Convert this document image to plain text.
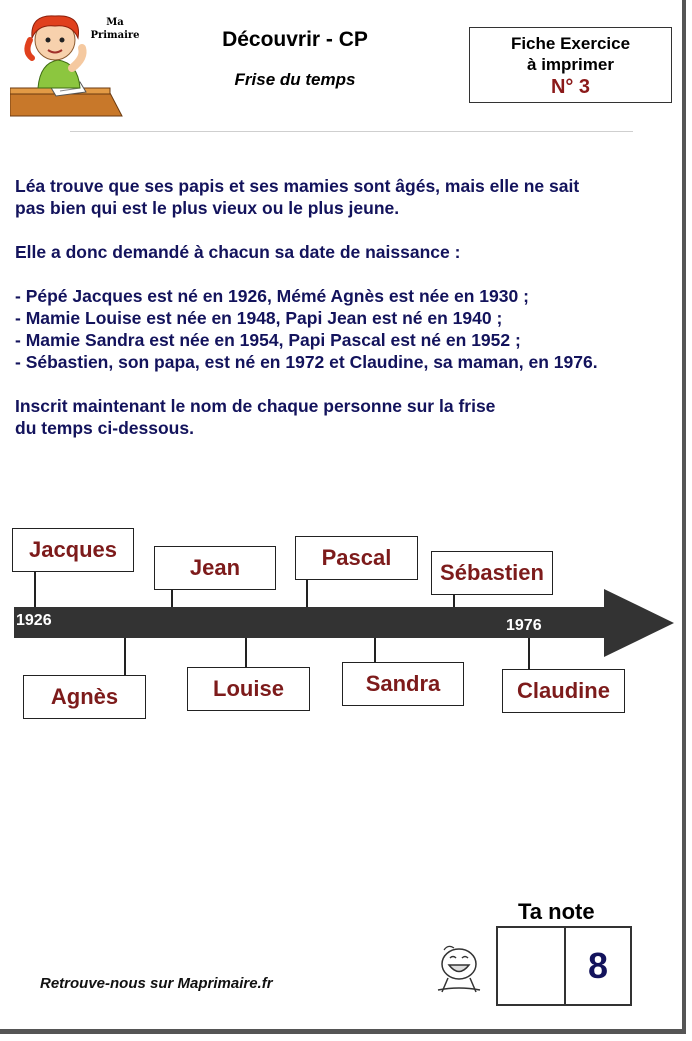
Ma
Primaire	Découvrir - CP
Frise du temps
Fiche Exercice
à imprimer
N° 3

Léa trouve que ses papis et ses mamies sont âgés, mais elle ne sait

pas bien qui est le plus vieux ou le plus jeune.

Elle a donc demandé à chacun sa date de naissance :

- Pépé Jacques est né en 1926, Mémé Agnès est née en 1930 ;

- Mamie Louise est née en 1948, Papi Jean est né en 1940 ;

- Mamie Sandra est née en 1954, Papi Pascal est né en 1952 ;

- Sébastien, son papa, est né en 1972 et Claudine, sa maman, en 1976.

Inscrit maintenant le nom de chaque personne sur la frise

du temps ci-dessous.

1926	1976
Jacques
Jean	Pascal
Sébastien
Agnès	Louise	Sandra	Claudine
Retrouve-nous sur Maprimaire.fr
Ta note
8
